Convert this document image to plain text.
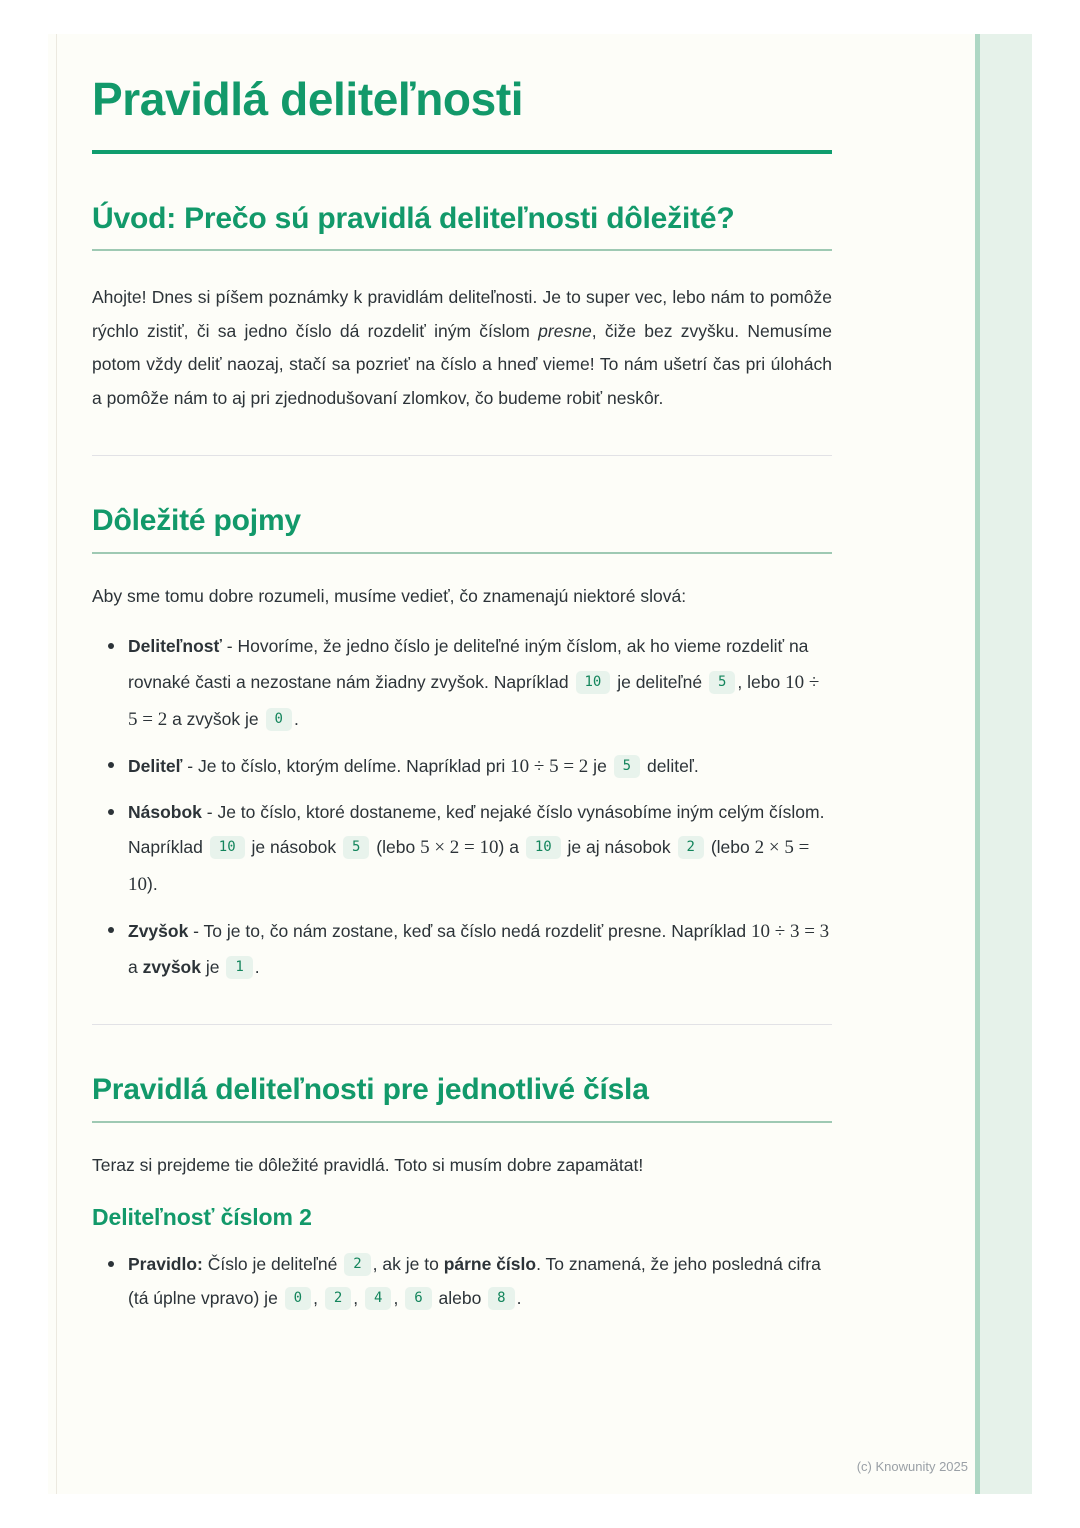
Pravidlá deliteľnosti
Úvod: Prečo sú pravidlá deliteľnosti dôležité?

Ahojte! Dnes si píšem poznámky k pravidlám deliteľnosti. Je to super vec, lebo nám to pomôže rýchlo zistiť, či sa jedno číslo dá rozdeliť iným číslom presne, čiže bez zvyšku. Nemusíme potom vždy deliť naozaj, stačí sa pozrieť na číslo a hneď vieme! To nám ušetrí čas pri úlohách a pomôže nám to aj pri zjednodušovaní zlomkov, čo budeme robiť neskôr.

Dôležité pojmy

Aby sme tomu dobre rozumeli, musíme vedieť, čo znamenajú niektoré slová:

Deliteľnosť - Hovoríme, že jedno číslo je deliteľné iným číslom, ak ho vieme rozdeliť na rovnaké časti a nezostane nám žiadny zvyšok. Napríklad 10 je deliteľné 5 , lebo 10 ÷ 5 = 2 a zvyšok je 0 .
Deliteľ - Je to číslo, ktorým delíme. Napríklad pri 10 ÷ 5 = 2 je 5 deliteľ.
Násobok - Je to číslo, ktoré dostaneme, keď nejaké číslo vynásobíme iným celým číslom. Napríklad 10 je násobok 5 (lebo 5 × 2 = 10) a 10 je aj násobok 2 (lebo 2 × 5 = 10).
Zvyšok - To je to, čo nám zostane, keď sa číslo nedá rozdeliť presne. Napríklad 10 ÷ 3 = 3 a zvyšok je 1 .
Pravidlá deliteľnosti pre jednotlivé čísla

Teraz si prejdeme tie dôležité pravidlá. Toto si musím dobre zapamätat!

Deliteľnosť číslom 2
Pravidlo: Číslo je deliteľné 2 , ak je to párne číslo. To znamená, že jeho posledná cifra (tá úplne vpravo) je 0 , 2 , 4 , 6 alebo 8 .
(c) Knowunity 2025
